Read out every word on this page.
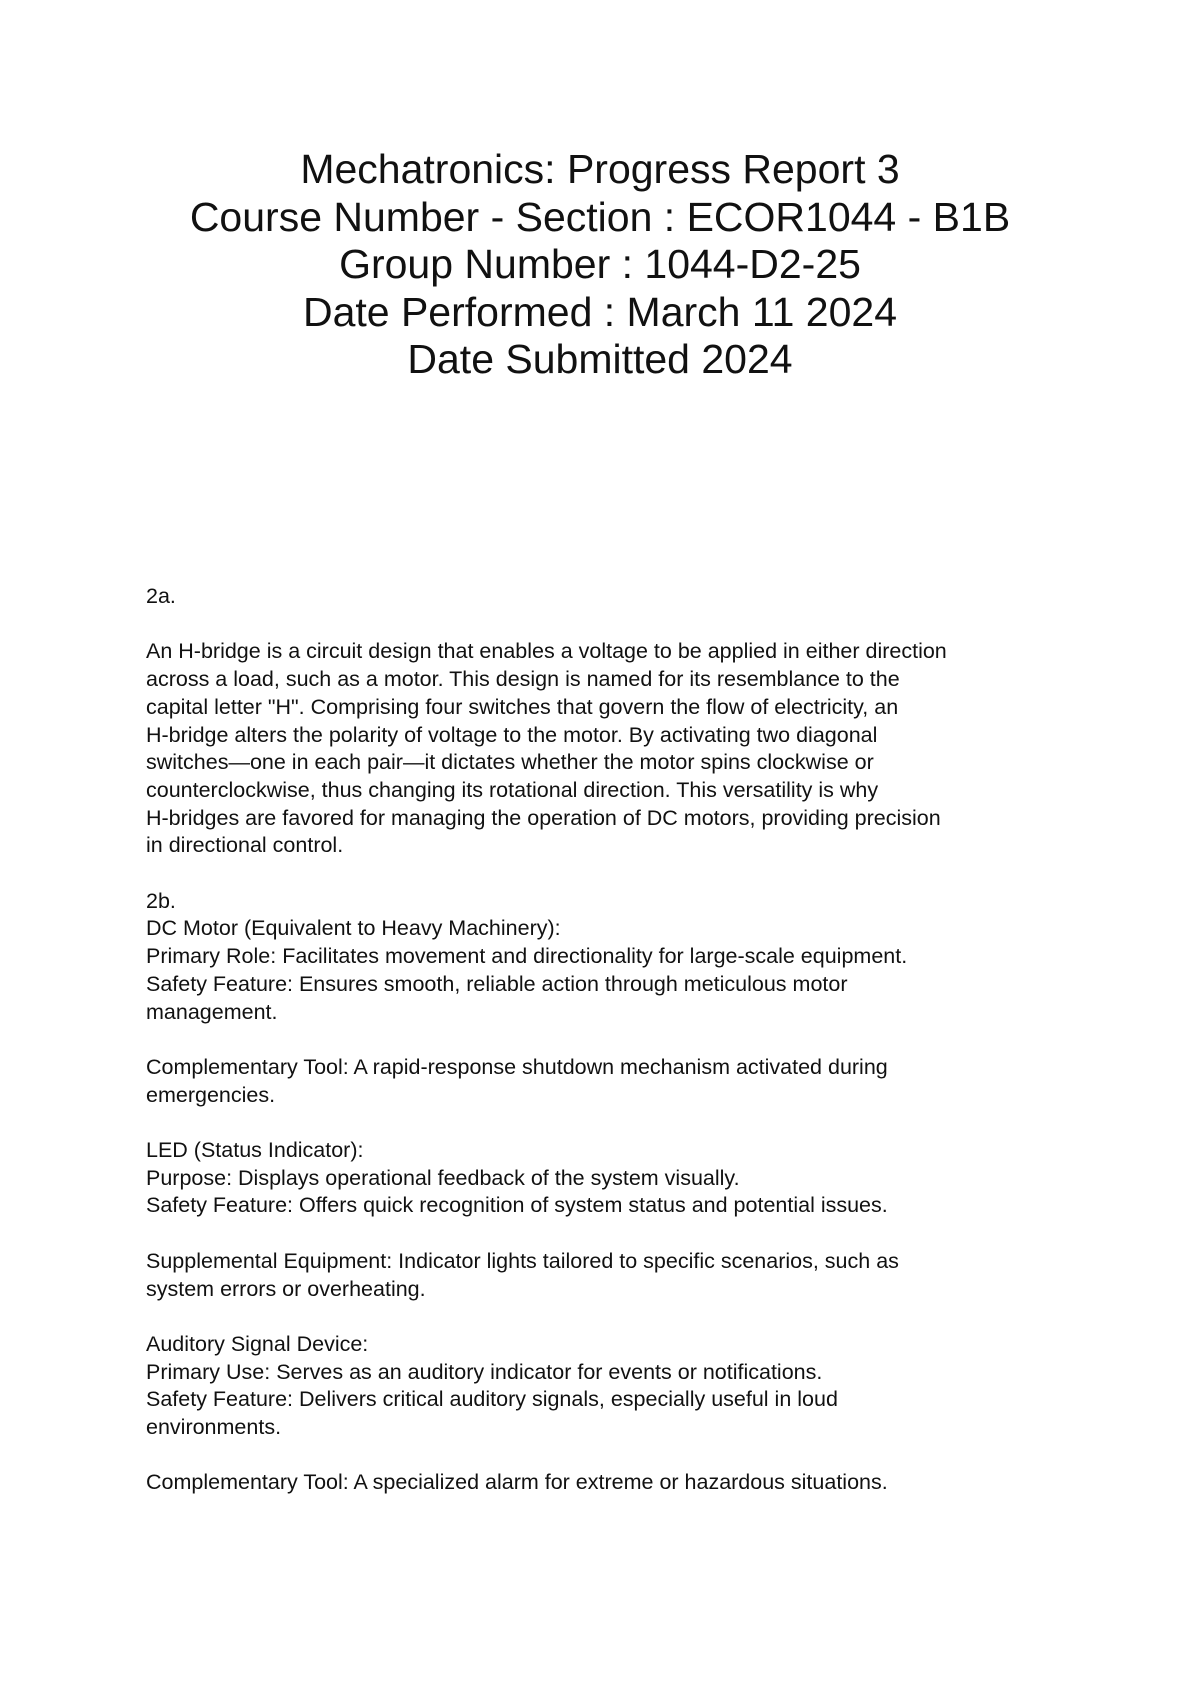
Mechatronics: Progress Report 3
Course Number - Section : ECOR1044 - B1B
Group Number : 1044-D2-25
Date Performed : March 11 2024
Date Submitted 2024
2a.
An H-bridge is a circuit design that enables a voltage to be applied in either direction
across a load, such as a motor. This design is named for its resemblance to the
capital letter "H". Comprising four switches that govern the flow of electricity, an
H-bridge alters the polarity of voltage to the motor. By activating two diagonal
switches—one in each pair—it dictates whether the motor spins clockwise or
counterclockwise, thus changing its rotational direction. This versatility is why
H-bridges are favored for managing the operation of DC motors, providing precision
in directional control.
2b.
DC Motor (Equivalent to Heavy Machinery):
Primary Role: Facilitates movement and directionality for large-scale equipment.
Safety Feature: Ensures smooth, reliable action through meticulous motor
management.
Complementary Tool: A rapid-response shutdown mechanism activated during
emergencies.
LED (Status Indicator):
Purpose: Displays operational feedback of the system visually.
Safety Feature: Offers quick recognition of system status and potential issues.
Supplemental Equipment: Indicator lights tailored to specific scenarios, such as
system errors or overheating.
Auditory Signal Device:
Primary Use: Serves as an auditory indicator for events or notifications.
Safety Feature: Delivers critical auditory signals, especially useful in loud
environments.
Complementary Tool: A specialized alarm for extreme or hazardous situations.
